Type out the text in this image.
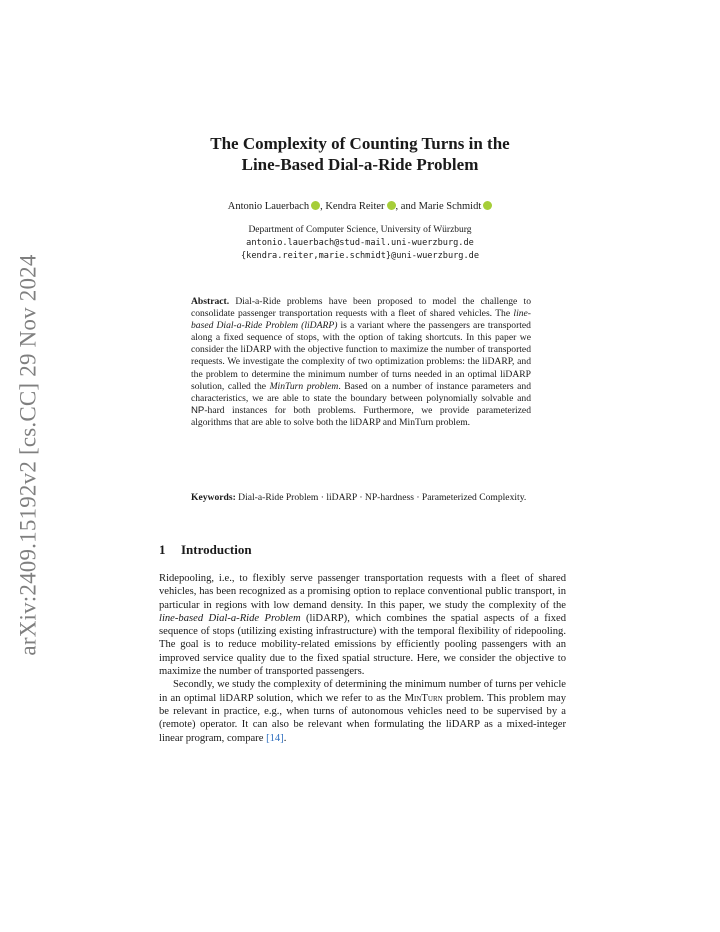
arXiv:2409.15192v2 [cs.CC] 29 Nov 2024
The Complexity of Counting Turns in the
Line-Based Dial-a-Ride Problem
Antonio Lauerbach , Kendra Reiter , and Marie Schmidt
Department of Computer Science, University of Würzburg
antonio.lauerbach@stud-mail.uni-wuerzburg.de
{kendra.reiter,marie.schmidt}@uni-wuerzburg.de
Abstract. Dial-a-Ride problems have been proposed to model the challenge to consolidate passenger transportation requests with a fleet of shared vehicles. The line-based Dial-a-Ride Problem (liDARP) is a variant where the passengers are transported along a fixed sequence of stops, with the option of taking shortcuts. In this paper we consider the liDARP with the objective function to maximize the number of transported requests. We investigate the complexity of two optimization problems: the liDARP, and the problem to determine the minimum number of turns needed in an optimal liDARP solution, called the MinTurn problem. Based on a number of instance parameters and characteristics, we are able to state the boundary between polynomially solvable and NP-hard instances for both problems. Furthermore, we provide parameterized algorithms that are able to solve both the liDARP and MinTurn problem.
Keywords: Dial-a-Ride Problem · liDARP · NP-hardness · Parameterized Complexity.
1 Introduction

Ridepooling, i.e., to flexibly serve passenger transportation requests with a fleet of shared vehicles, has been recognized as a promising option to replace conventional public transport, in particular in regions with low demand density. In this paper, we study the complexity of the line-based Dial-a-Ride Problem (liDARP), which combines the spatial aspects of a fixed sequence of stops (utilizing existing infrastructure) with the temporal flexibility of ridepooling. The goal is to reduce mobility-related emissions by efficiently pooling passengers with an improved service quality due to the fixed spatial structure. Here, we consider the objective to maximize the number of transported passengers.

Secondly, we study the complexity of determining the minimum number of turns per vehicle in an optimal liDARP solution, which we refer to as the MinTurn problem. This problem may be relevant in practice, e.g., when turns of autonomous vehicles need to be supervised by a (remote) operator. It can also be relevant when formulating the liDARP as a mixed-integer linear program, compare [14].
